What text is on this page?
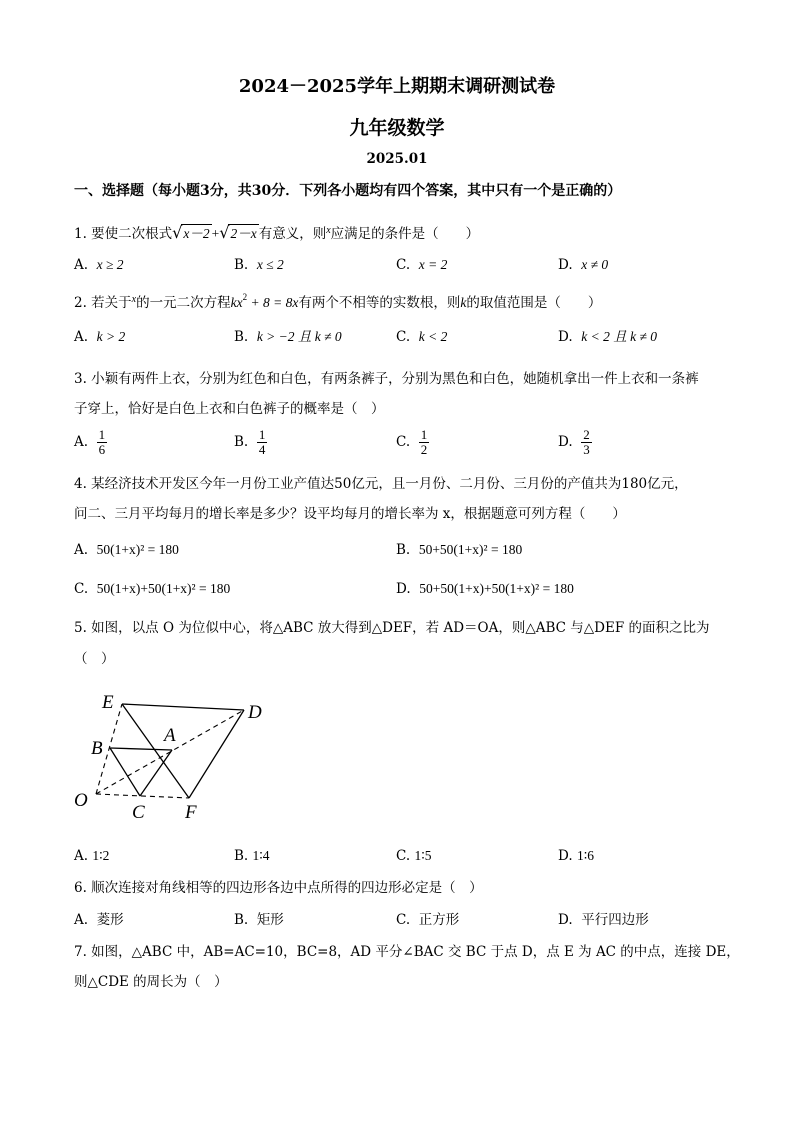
2024－2025学年上期期末调研测试卷
九年级数学
2025.01
一、选择题（每小题3分，共30分．下列各小题均有四个答案，其中只有一个是正确的）
1. 要使二次根式√x－2 +√2－x 有意义，则$^x$应满足的条件是（　　）
A. x ≥ 2	B. x ≤ 2	C. x = 2	D. x ≠ 0
2. 若关于$^x$的一元二次方程$kx^2 + 8 = 8x$有两个不相等的实数根，则k的取值范围是（　　）
A. k > 2	B. k > −2 且 k ≠ 0	C. k < 2	D. k < 2 且 k ≠ 0
3. 小颖有两件上衣，分别为红色和白色，有两条裤子，分别为黑色和白色，她随机拿出一件上衣和一条裤
子穿上，恰好是白色上衣和白色裤子的概率是（　）
A. $\frac{1}{6}$	B. $\frac{1}{4}$	C. $\frac{1}{2}$	D. $\frac{2}{3}$
4. 某经济技术开发区今年一月份工业产值达50亿元，且一月份、二月份、三月份的产值共为180亿元，
问二、三月平均每月的增长率是多少？设平均每月的增长率为 x，根据题意可列方程（　　）
A. 50(1+x)² = 180	B. 50+50(1+x)² = 180
C. 50(1+x)+50(1+x)² = 180	D. 50+50(1+x)+50(1+x)² = 180
5. 如图，以点 O 为位似中心，将△ABC 放大得到△DEF，若 AD＝OA，则△ABC 与△DEF 的面积之比为
（　）
E	D
B
A
O
C F
A. 1∶2	B. 1∶4	C. 1∶5	D. 1∶6
6. 顺次连接对角线相等的四边形各边中点所得的四边形必定是（　）
A. 菱形	B. 矩形	C. 正方形	D. 平行四边形
7. 如图，△ABC 中，AB=AC=10，BC=8，AD 平分∠BAC 交 BC 于点 D，点 E 为 AC 的中点，连接 DE，
则△CDE 的周长为（　）
